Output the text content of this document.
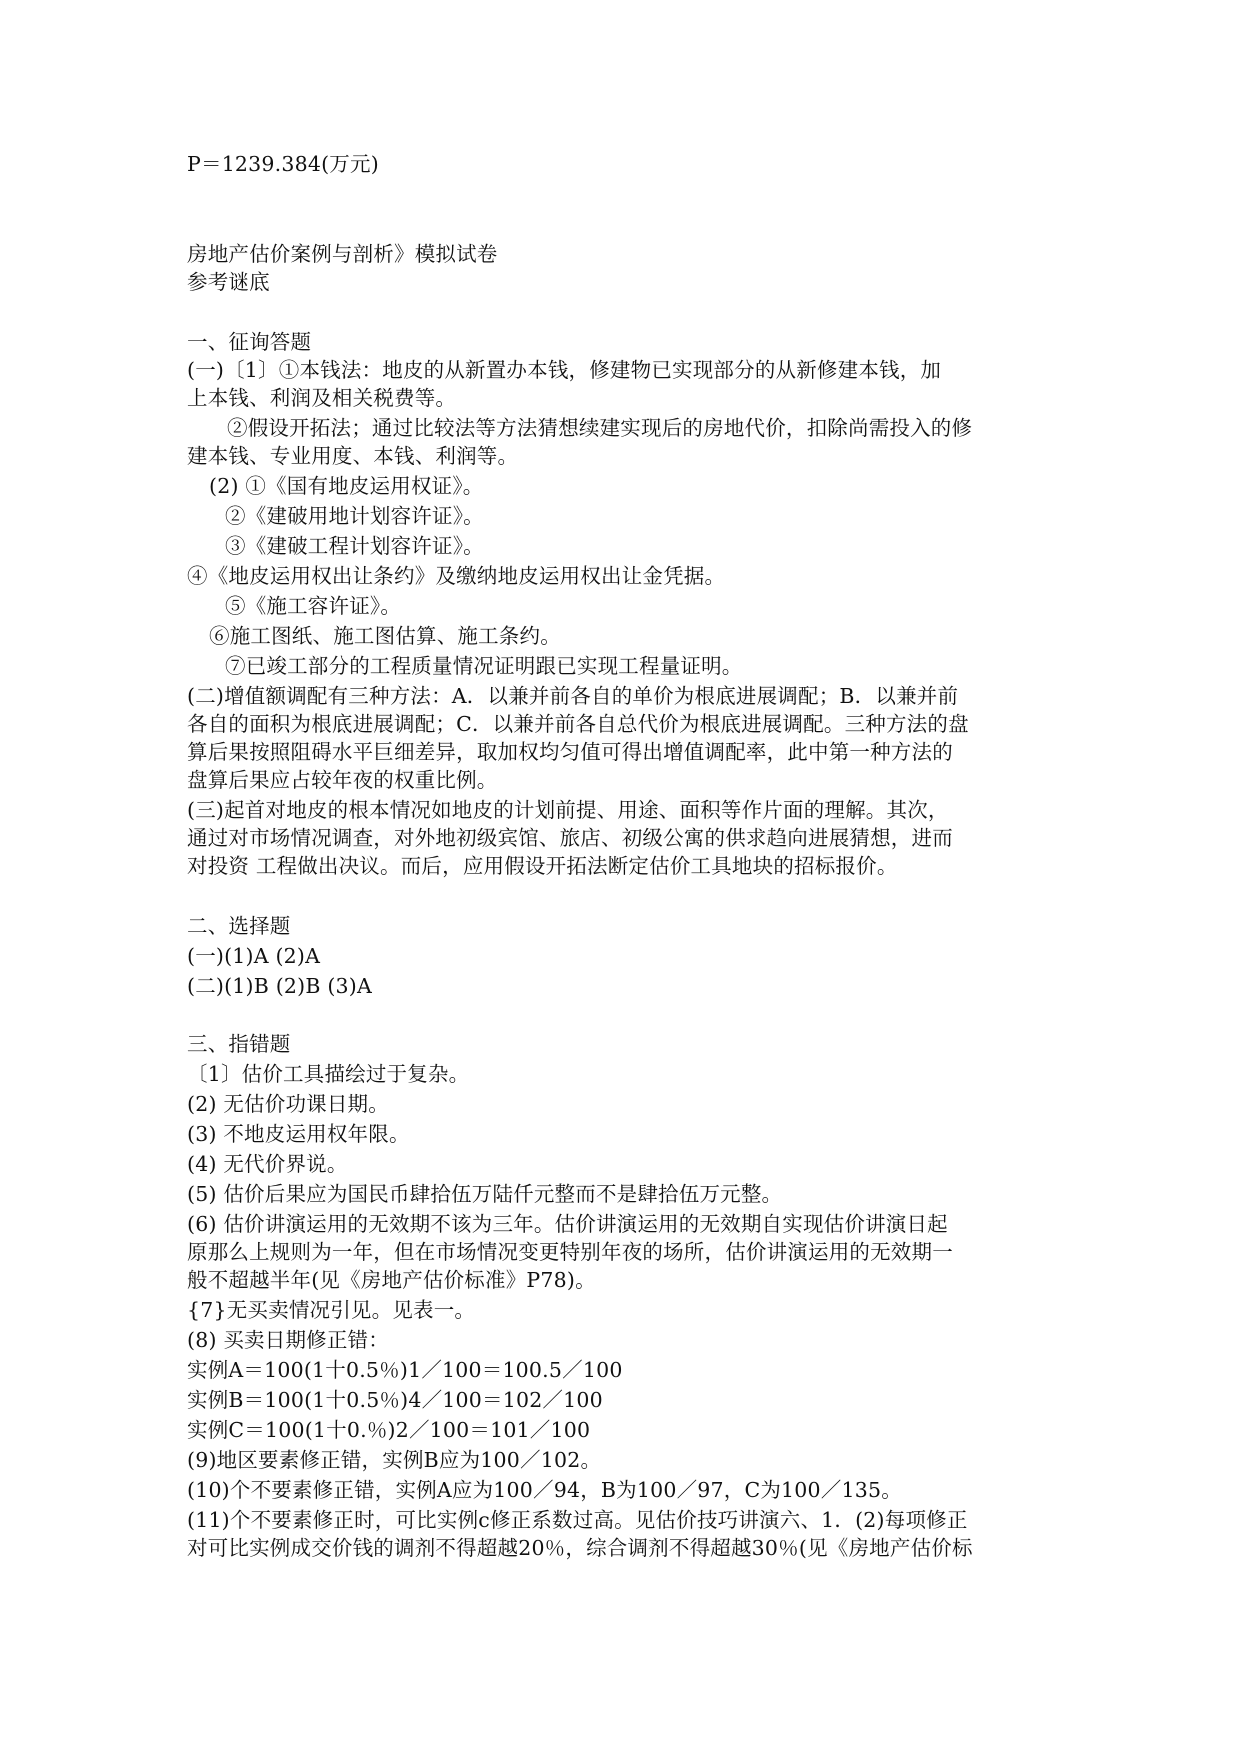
P＝1239.384(万元)
房地产估价案例与剖析》模拟试卷
参考谜底
一、征询答题
(一)〔1〕①本钱法：地皮的从新置办本钱，修建物已实现部分的从新修建本钱，加
上本钱、利润及相关税费等。
②假设开拓法；通过比较法等方法猜想续建实现后的房地代价，扣除尚需投入的修
建本钱、专业用度、本钱、利润等。
(2) ①《国有地皮运用权证》。
②《建破用地计划容许证》。
③《建破工程计划容许证》。
④《地皮运用权出让条约》及缴纳地皮运用权出让金凭据。
⑤《施工容许证》。
⑥施工图纸、施工图估算、施工条约。
⑦已竣工部分的工程质量情况证明跟已实现工程量证明。
(二)增值额调配有三种方法：A．以兼并前各自的单价为根底进展调配；B．以兼并前
各自的面积为根底进展调配；C．以兼并前各自总代价为根底进展调配。三种方法的盘
算后果按照阻碍水平巨细差异，取加权均匀值可得出增值调配率，此中第一种方法的
盘算后果应占较年夜的权重比例。
(三)起首对地皮的根本情况如地皮的计划前提、用途、面积等作片面的理解。其次，
通过对市场情况调查，对外地初级宾馆、旅店、初级公寓的供求趋向进展猜想，进而
对投资 工程做出决议。而后，应用假设开拓法断定估价工具地块的招标报价。
二、选择题
(一)(1)A (2)A
(二)(1)B (2)B (3)A
三、指错题
〔1〕估价工具描绘过于复杂。
(2) 无估价功课日期。
(3) 不地皮运用权年限。
(4) 无代价界说。
(5) 估价后果应为国民币肆拾伍万陆仟元整而不是肆拾伍万元整。
(6) 估价讲演运用的无效期不该为三年。估价讲演运用的无效期自实现估价讲演日起
原那么上规则为一年，但在市场情况变更特别年夜的场所，估价讲演运用的无效期一
般不超越半年(见《房地产估价标准》P78)。
{7}无买卖情况引见。见表一。
(8) 买卖日期修正错：
实例A＝100(1十0.5％)1／100＝100.5／100
实例B＝100(1十0.5％)4／100＝102／100
实例C＝100(1十0.％)2／100＝101／100
(9)地区要素修正错，实例B应为100／102。
(10)个不要素修正错，实例A应为100／94，B为100／97，C为100／135。
(11)个不要素修正时，可比实例c修正系数过高。见估价技巧讲演六、1．(2)每项修正
对可比实例成交价钱的调剂不得超越20％，综合调剂不得超越30％(见《房地产估价标
